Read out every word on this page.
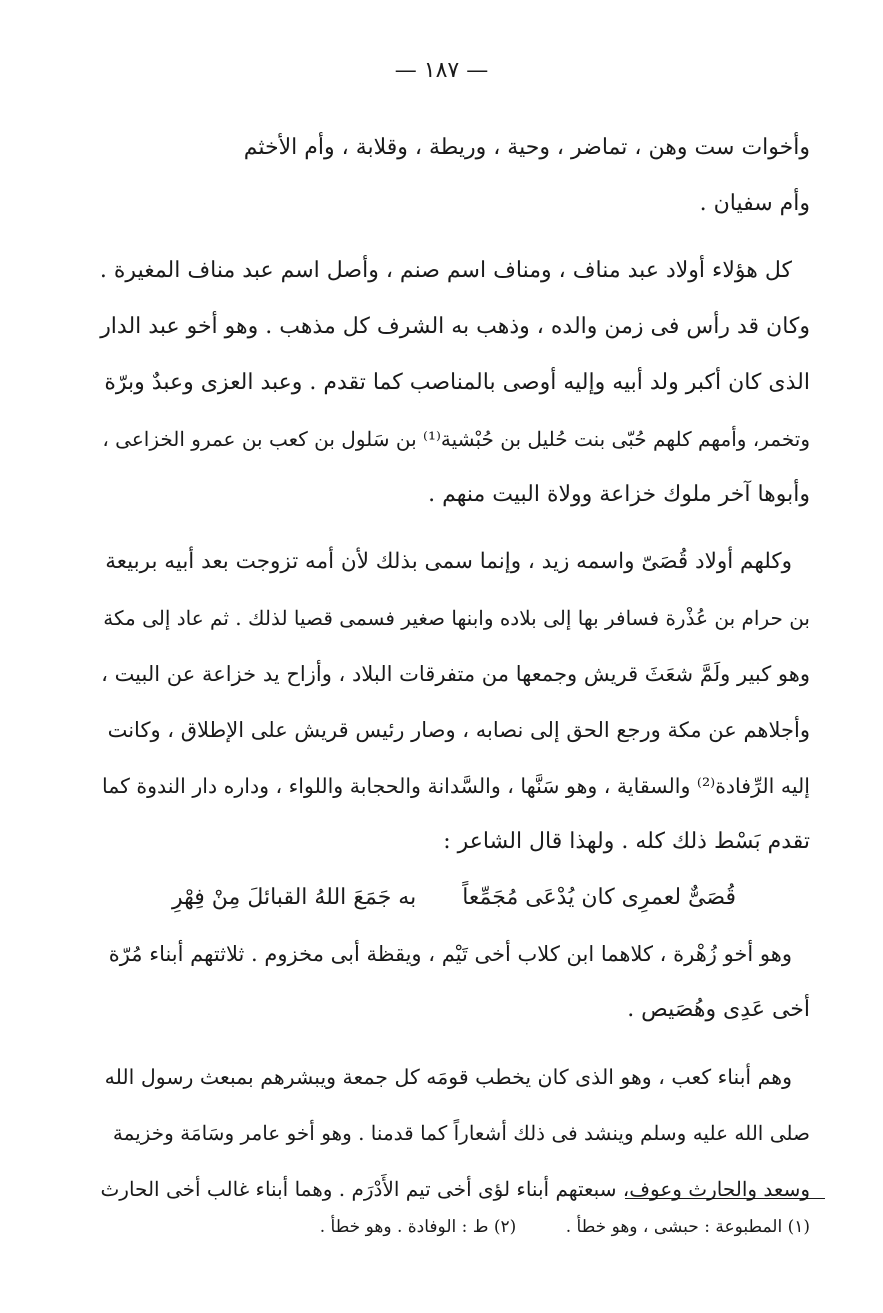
— ١٨٧ —
وأخوات ست وهن ، تماضر ، وحية ، وريطة ، وقلابة ، وأم الأخثم
وأم سفيان .
كل هؤلاء أولاد عبد مناف ، ومناف اسم صنم ، وأصل اسم عبد مناف المغيرة .
وكان قد رأس فى زمن والده ، وذهب به الشرف كل مذهب . وهو أخو عبد الدار
الذى كان أكبر ولد أبيه وإليه أوصى بالمناصب كما تقدم . وعبد العزى وعبدٌ وبرّة
وتخمر، وأمهم كلهم حُبّى بنت حُليل بن حُبْشية⁽¹⁾ بن سَلول بن كعب بن عمرو الخزاعى ،
وأبوها آخر ملوك خزاعة وولاة البيت منهم .
وكلهم أولاد قُصَىّ واسمه زيد ، وإنما سمى بذلك لأن أمه تزوجت بعد أبيه بربيعة
بن حرام بن عُذْرة فسافر بها إلى بلاده وابنها صغير فسمى قصيا لذلك . ثم عاد إلى مكة
وهو كبير ولَمَّ شعَثَ قريش وجمعها من متفرقات البلاد ، وأزاح يد خزاعة عن البيت ،
وأجلاهم عن مكة ورجع الحق إلى نصابه ، وصار رئيس قريش على الإطلاق ، وكانت
إليه الرِّفادة⁽²⁾ والسقاية ، وهو سَنَّها ، والسَّدانة والحجابة واللواء ، وداره دار الندوة كما
تقدم بَسْط ذلك كله . ولهذا قال الشاعر :
قُصَىٌّ لعمرِى كان يُدْعَى مُجَمِّعاً
به جَمَعَ اللهُ القبائلَ مِنْ فِهْرِ
وهو أخو زُهْرة ، كلاهما ابن كلاب أخى تَيْم ، ويقظة أبى مخزوم . ثلاثتهم أبناء مُرّة
أخى عَدِى وهُصَيص .
وهم أبناء كعب ، وهو الذى كان يخطب قومَه كل جمعة ويبشرهم بمبعث رسول الله
صلى الله عليه وسلم وينشد فى ذلك أشعاراً كما قدمنا . وهو أخو عامر وسَامَة وخزيمة
وسعد والحارث وعوف، سبعتهم أبناء لؤى أخى تيم الأَدْرَم . وهما أبناء غالب أخى الحارث
(١) المطبوعة : حبشى ، وهو خطأ . (٢) ط : الوفادة . وهو خطأ .
